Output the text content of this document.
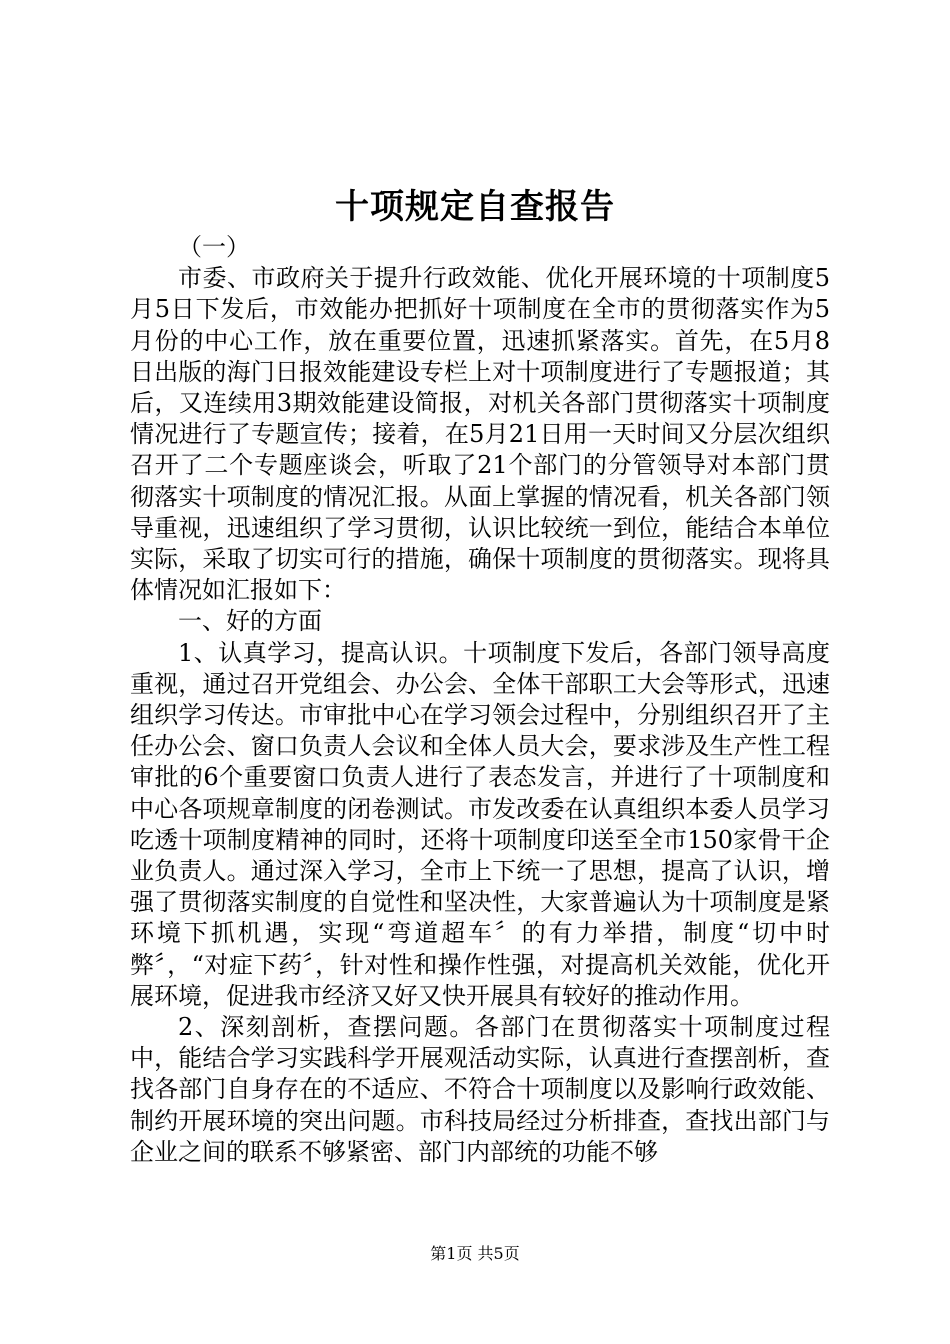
十项规定自查报告

（一）

市委、市政府关于提升行政效能、优化开展环境的十项制度5月5日下发后，市效能办把抓好十项制度在全市的贯彻落实作为5月份的中心工作，放在重要位置，迅速抓紧落实。首先，在5月8日出版的海门日报效能建设专栏上对十项制度进行了专题报道；其后，又连续用3期效能建设简报，对机关各部门贯彻落实十项制度情况进行了专题宣传；接着，在5月21日用一天时间又分层次组织召开了二个专题座谈会，听取了21个部门的分管领导对本部门贯彻落实十项制度的情况汇报。从面上掌握的情况看，机关各部门领导重视，迅速组织了学习贯彻，认识比较统一到位，能结合本单位实际，采取了切实可行的措施，确保十项制度的贯彻落实。现将具体情况如汇报如下：

一、好的方面

1、认真学习，提高认识。十项制度下发后，各部门领导高度重视，通过召开党组会、办公会、全体干部职工大会等形式，迅速组织学习传达。市审批中心在学习领会过程中，分别组织召开了主任办公会、窗口负责人会议和全体人员大会，要求涉及生产性工程审批的6个重要窗口负责人进行了表态发言，并进行了十项制度和中心各项规章制度的闭卷测试。市发改委在认真组织本委人员学习吃透十项制度精神的同时，还将十项制度印送至全市150家骨干企业负责人。通过深入学习，全市上下统一了思想，提高了认识，增强了贯彻落实制度的自觉性和坚决性，大家普遍认为十项制度是紧环境下抓机遇，实现“弯道超车〞的有力举措，制度“切中时弊〞，“对症下药〞，针对性和操作性强，对提高机关效能，优化开展环境，促进我市经济又好又快开展具有较好的推动作用。

2、深刻剖析，查摆问题。各部门在贯彻落实十项制度过程中，能结合学习实践科学开展观活动实际，认真进行查摆剖析，查找各部门自身存在的不适应、不符合十项制度以及影响行政效能、制约开展环境的突出问题。市科技局经过分析排查，查找出部门与企业之间的联系不够紧密、部门内部统的功能不够

第1页 共5页
